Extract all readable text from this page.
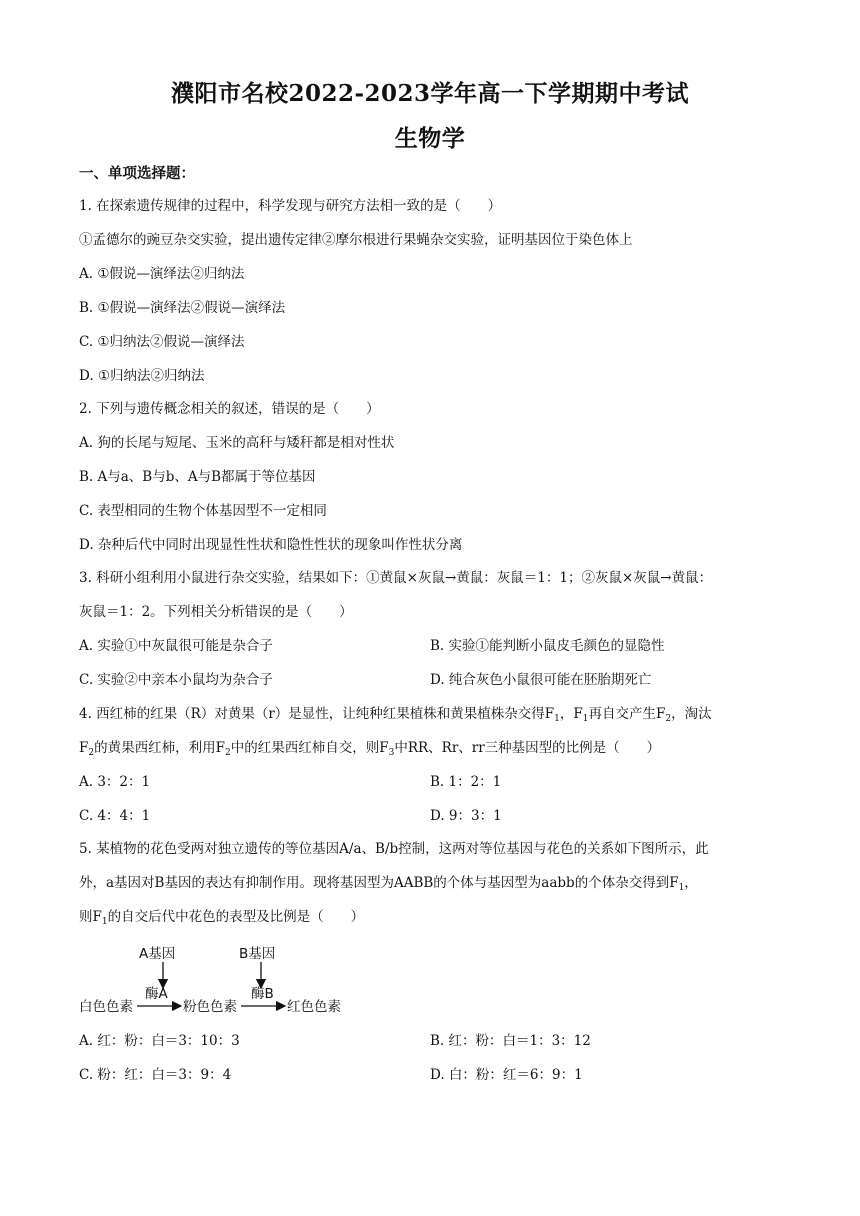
濮阳市名校2022-2023学年高一下学期期中考试
生物学
一、单项选择题：
1. 在探索遗传规律的过程中，科学发现与研究方法相一致的是（　　）
①孟德尔的豌豆杂交实验，提出遗传定律②摩尔根进行果蝇杂交实验，证明基因位于染色体上
A. ①假说—演绎法②归纳法
B. ①假说—演绎法②假说—演绎法
C. ①归纳法②假说—演绎法
D. ①归纳法②归纳法
2. 下列与遗传概念相关的叙述，错误的是（　　）
A. 狗的长尾与短尾、玉米的高秆与矮秆都是相对性状
B. A与a、B与b、A与B都属于等位基因
C. 表型相同的生物个体基因型不一定相同
D. 杂种后代中同时出现显性性状和隐性性状的现象叫作性状分离
3. 科研小组利用小鼠进行杂交实验，结果如下：①黄鼠×灰鼠→黄鼠：灰鼠＝1：1；②灰鼠×灰鼠→黄鼠：
灰鼠＝1：2。下列相关分析错误的是（　　）
A. 实验①中灰鼠很可能是杂合子	B. 实验①能判断小鼠皮毛颜色的显隐性
C. 实验②中亲本小鼠均为杂合子	D. 纯合灰色小鼠很可能在胚胎期死亡
4. 西红柿的红果（R）对黄果（r）是显性，让纯种红果植株和黄果植株杂交得$F_1$，$F_1$再自交产生$F_2$，淘汰
$F_2$的黄果西红柿，利用$F_2$中的红果西红柿自交，则$F_3$中RR、Rr、rr三种基因型的比例是（　　）
A. 3：2：1	B. 1：2：1
C. 4：4：1	D. 9：3：1
5. 某植物的花色受两对独立遗传的等位基因A/a、B/b控制，这两对等位基因与花色的关系如下图所示，此
外，a基因对B基因的表达有抑制作用。现将基因型为AABB的个体与基因型为aabb的个体杂交得到$F_1$，
则$F_1$的自交后代中花色的表型及比例是（　　）
A基因	B基因
酶A	酶B
白色色素	粉色色素	红色色素
A. 红：粉：白＝3：10：3	B. 红：粉：白＝1：3：12
C. 粉：红：白＝3：9：4	D. 白：粉：红＝6：9：1
